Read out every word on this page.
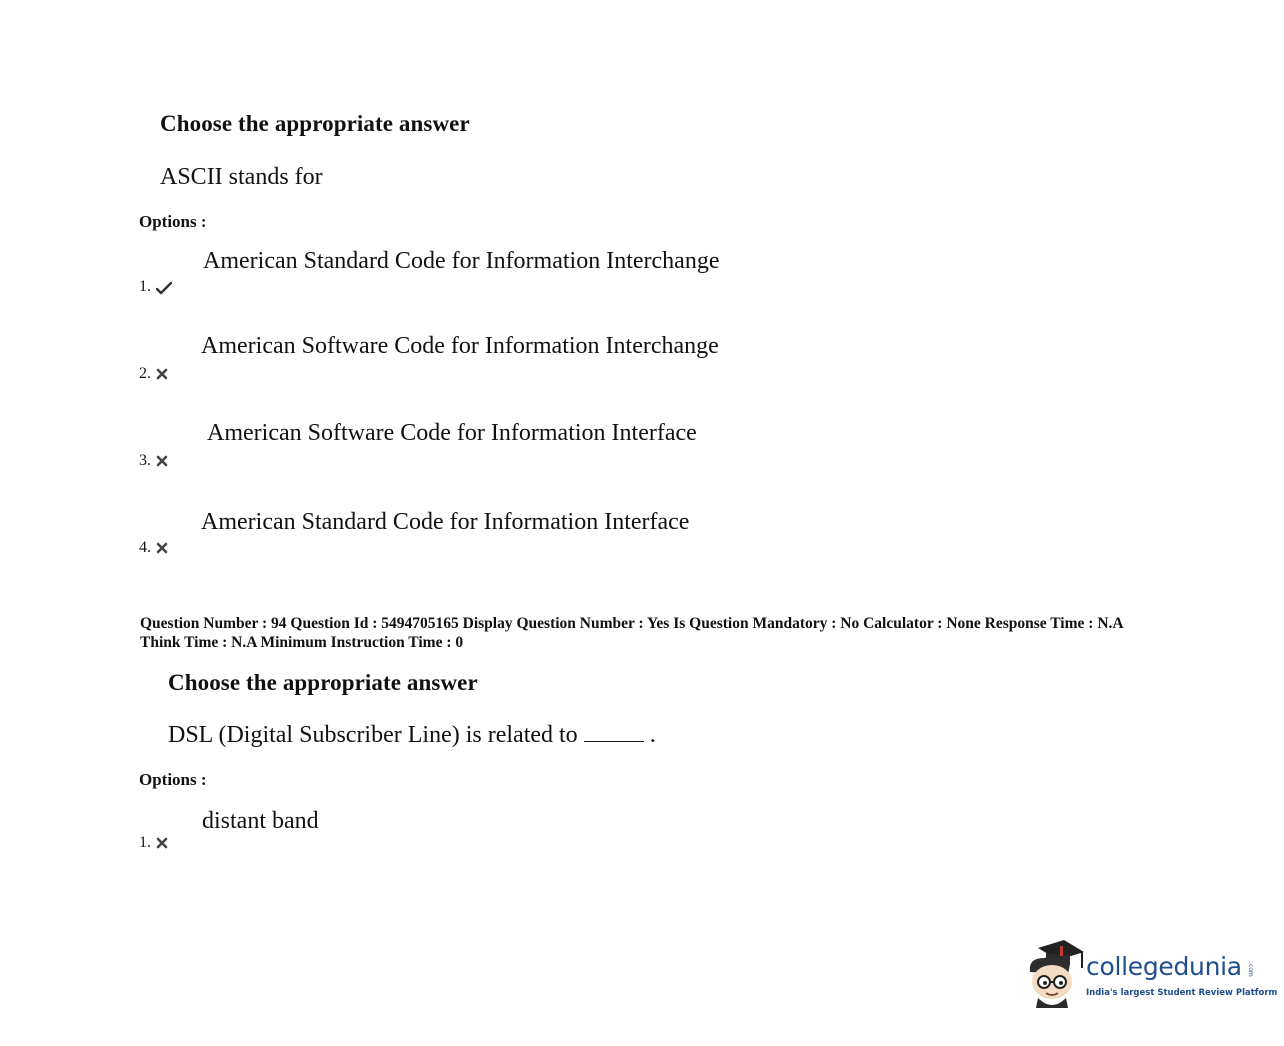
Choose the appropriate answer
ASCII stands for
Options :
American Standard Code for Information Interchange
1.
American Software Code for Information Interchange
2.
American Software Code for Information Interface
3.
American Standard Code for Information Interface
4.
Question Number : 94 Question Id : 5494705165 Display Question Number : Yes Is Question Mandatory : No Calculator : None Response Time : N.A Think Time : N.A Minimum Instruction Time : 0
Choose the appropriate answer
DSL (Digital Subscriber Line) is related to	.
Options :
distant band
1.
collegedunia .com
India's largest Student Review Platform
